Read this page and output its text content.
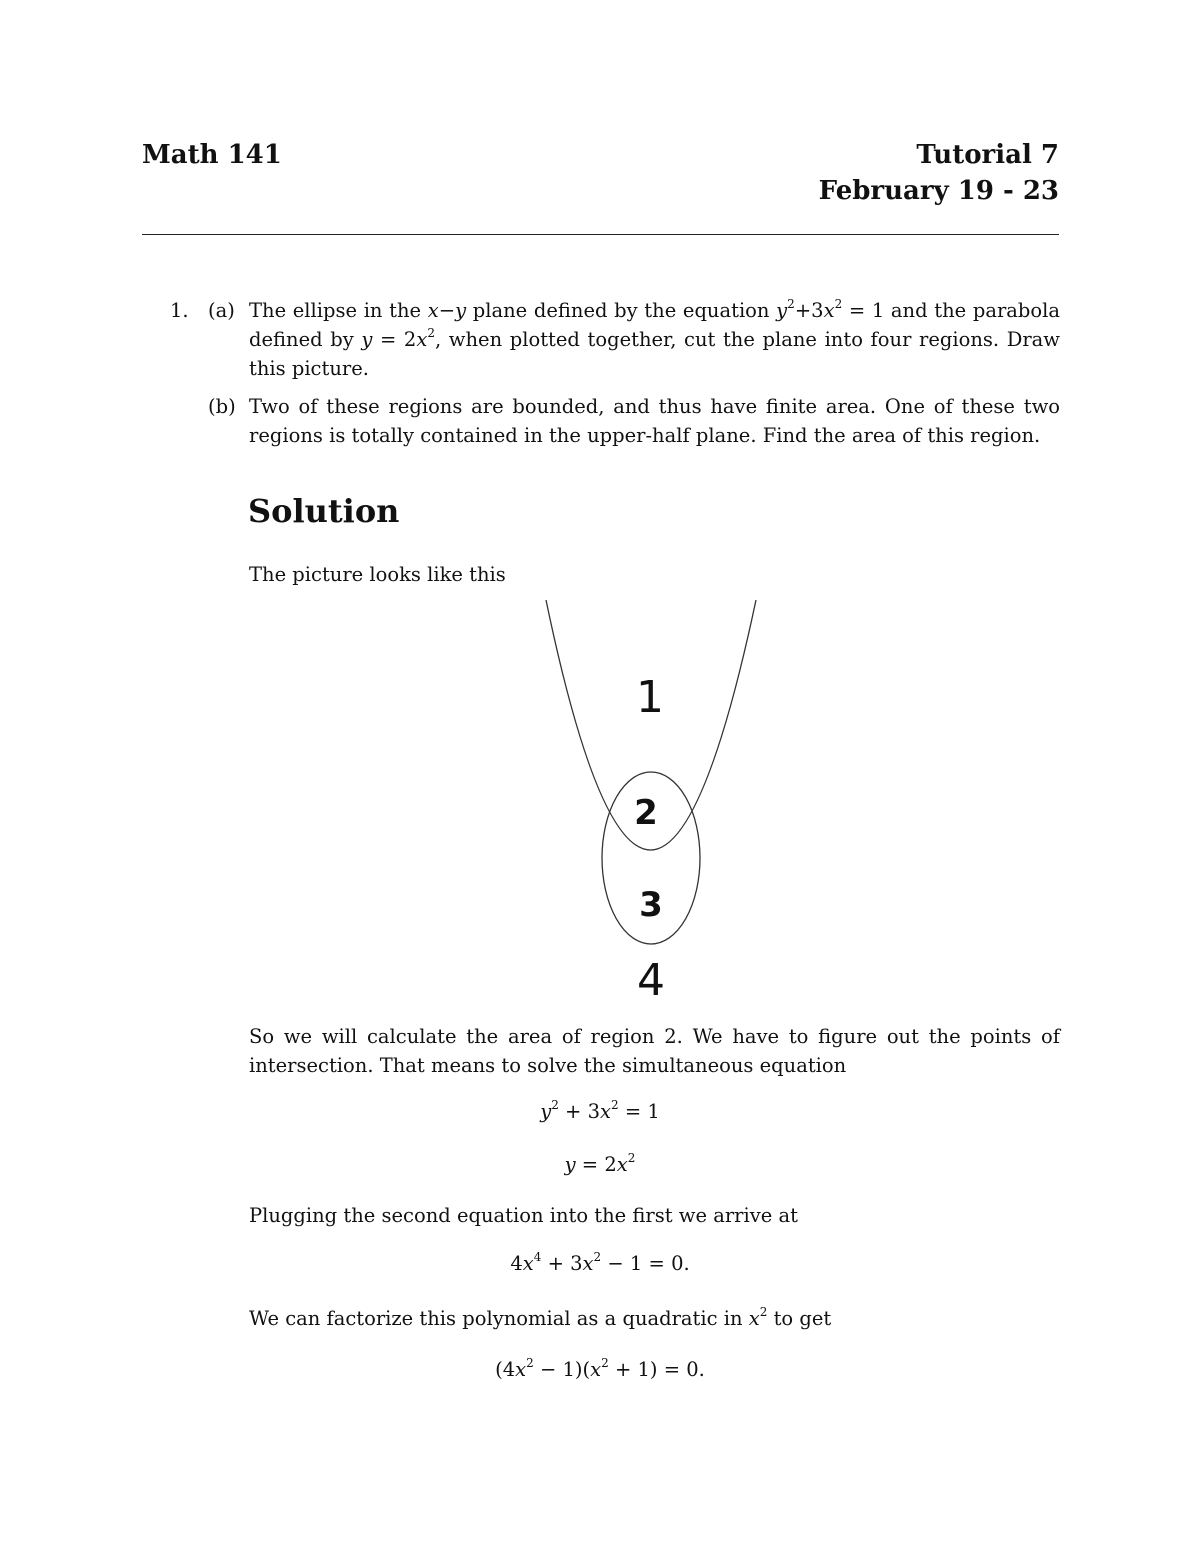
Math 141	Tutorial 7
February 19 - 23
1. (a) The ellipse in the x−y plane defined by the equation $y^2+3x^2 = 1$ and the parabola
defined by $y = 2x^2$, when plotted together, cut the plane into four regions. Draw
this picture.
(b) Two of these regions are bounded, and thus have finite area. One of these two
regions is totally contained in the upper-half plane. Find the area of this region.
Solution
The picture looks like this
1
2
3
4
So we will calculate the area of region 2. We have to figure out the points of
intersection. That means to solve the simultaneous equation
$y^2 + 3x^2 = 1$
$y = 2x^2$
Plugging the second equation into the first we arrive at
$4x^4 + 3x^2 - 1 = 0$.
We can factorize this polynomial as a quadratic in $x^2$ to get
$(4x^2 - 1)(x^2 + 1) = 0$.
